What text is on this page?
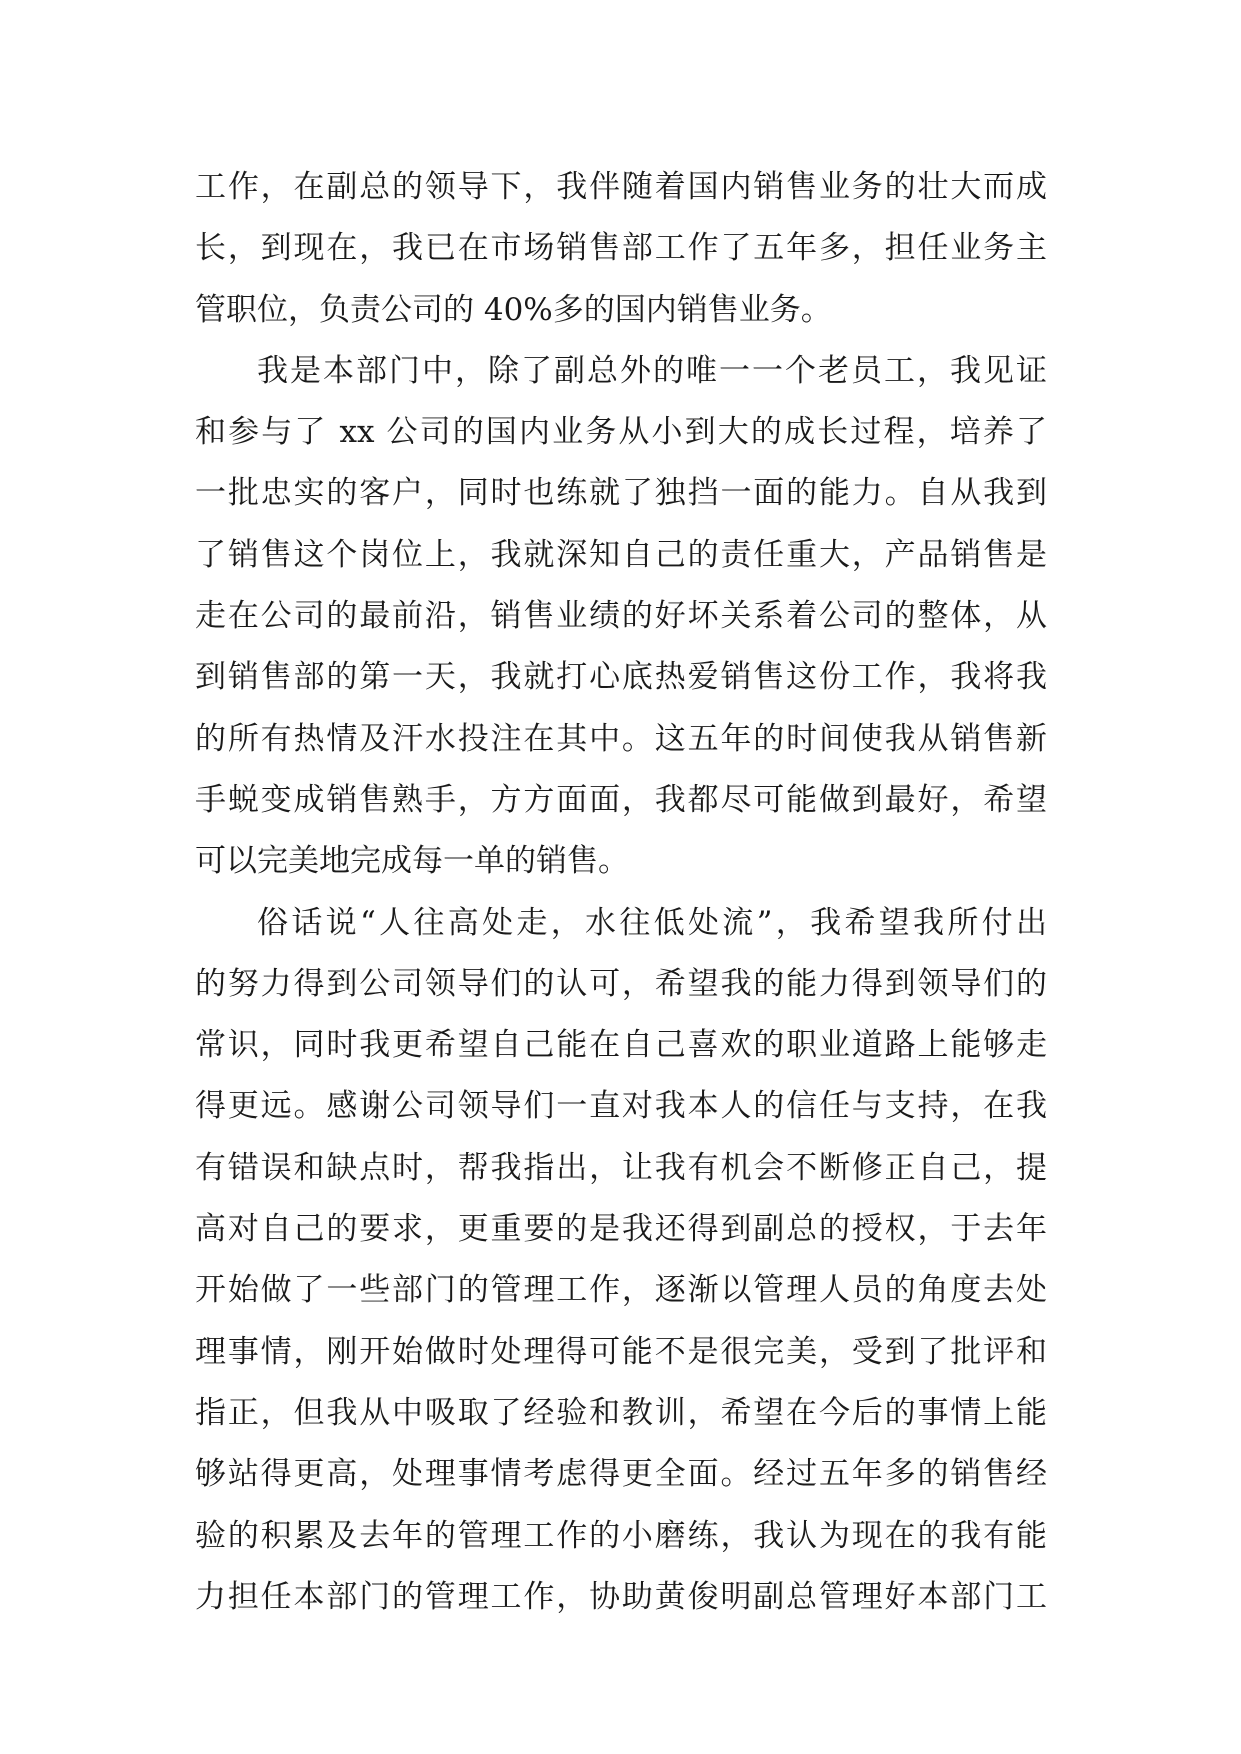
工作，在副总的领导下，我伴随着国内销售业务的壮大而成
长，到现在，我已在市场销售部工作了五年多，担任业务主
管职位，负责公司的 40%多的国内销售业务。
我是本部门中，除了副总外的唯一一个老员工，我见证
和参与了 xx 公司的国内业务从小到大的成长过程，培养了
一批忠实的客户，同时也练就了独挡一面的能力。自从我到
了销售这个岗位上，我就深知自己的责任重大，产品销售是
走在公司的最前沿，销售业绩的好坏关系着公司的整体，从
到销售部的第一天，我就打心底热爱销售这份工作，我将我
的所有热情及汗水投注在其中。这五年的时间使我从销售新
手蜕变成销售熟手，方方面面，我都尽可能做到最好，希望
可以完美地完成每一单的销售。
俗话说“人往高处走，水往低处流”，我希望我所付出
的努力得到公司领导们的认可，希望我的能力得到领导们的
常识，同时我更希望自己能在自己喜欢的职业道路上能够走
得更远。感谢公司领导们一直对我本人的信任与支持，在我
有错误和缺点时，帮我指出，让我有机会不断修正自己，提
高对自己的要求，更重要的是我还得到副总的授权，于去年
开始做了一些部门的管理工作，逐渐以管理人员的角度去处
理事情，刚开始做时处理得可能不是很完美，受到了批评和
指正，但我从中吸取了经验和教训，希望在今后的事情上能
够站得更高，处理事情考虑得更全面。经过五年多的销售经
验的积累及去年的管理工作的小磨练，我认为现在的我有能
力担任本部门的管理工作，协助黄俊明副总管理好本部门工
